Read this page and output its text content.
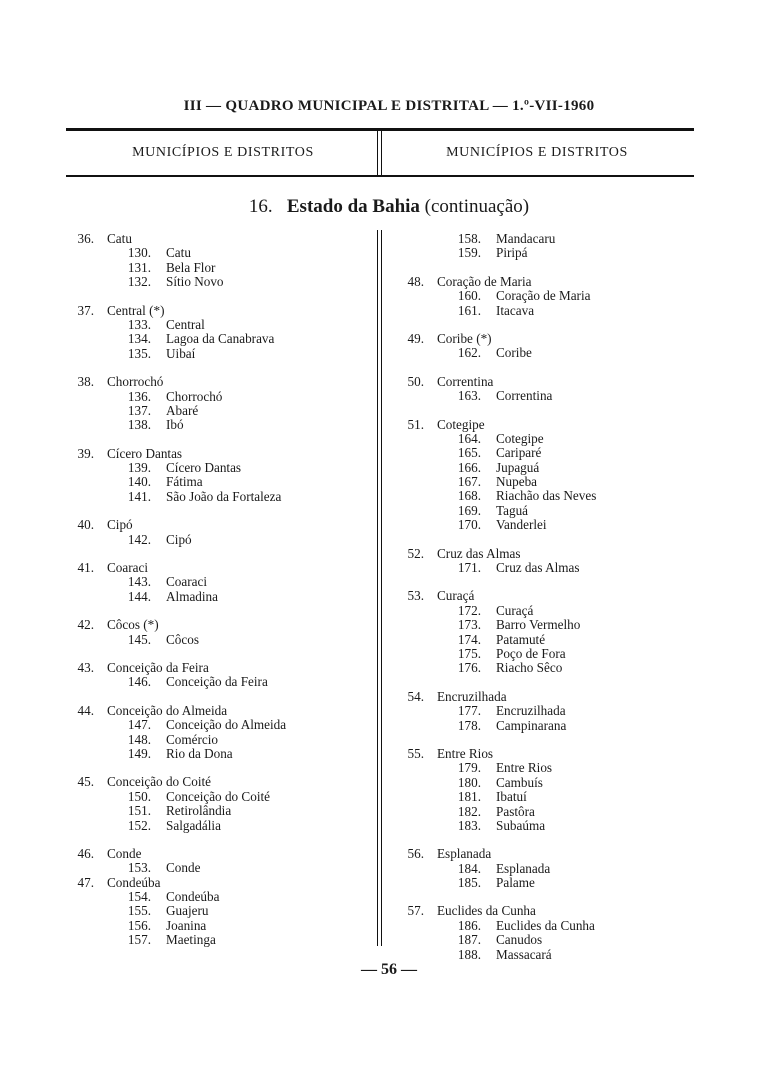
III — QUADRO MUNICIPAL E DISTRITAL — 1.º-VII-1960
MUNICÍPIOS E DISTRITOS	MUNICÍPIOS E DISTRITOS
16. Estado da Bahia (continuação)
36. Catu
130. Catu
131. Bela Flor
132. Sítio Novo
37. Central (*)
133. Central
134. Lagoa da Canabrava
135. Uibaí
38. Chorrochó
136. Chorrochó
137. Abaré
138. Ibó
39. Cícero Dantas
139. Cícero Dantas
140. Fátima
141. São João da Fortaleza
40. Cipó
142. Cipó
41. Coaraci
143. Coaraci
144. Almadina
42. Côcos (*)
145. Côcos
43. Conceição da Feira
146. Conceição da Feira
44. Conceição do Almeida
147. Conceição do Almeida
148. Comércio
149. Rio da Dona
45. Conceição do Coité
150. Conceição do Coité
151. Retirolândia
152. Salgadália
46. Conde
153. Conde
47. Condeúba
154. Condeúba
155. Guajeru
156. Joanina
157. Maetinga
158. Mandacaru
159. Piripá
48. Coração de Maria
160. Coração de Maria
161. Itacava
49. Coribe (*)
162. Coribe
50. Correntina
163. Correntina
51. Cotegipe
164. Cotegipe
165. Cariparé
166. Jupaguá
167. Nupeba
168. Riachão das Neves
169. Taguá
170. Vanderlei
52. Cruz das Almas
171. Cruz das Almas
53. Curaçá
172. Curaçá
173. Barro Vermelho
174. Patamuté
175. Poço de Fora
176. Riacho Sêco
54. Encruzilhada
177. Encruzilhada
178. Campinarana
55. Entre Rios
179. Entre Rios
180. Cambuís
181. Ibatuí
182. Pastôra
183. Subaúma
56. Esplanada
184. Esplanada
185. Palame
57. Euclides da Cunha
186. Euclides da Cunha
187. Canudos
188. Massacará
— 56 —
